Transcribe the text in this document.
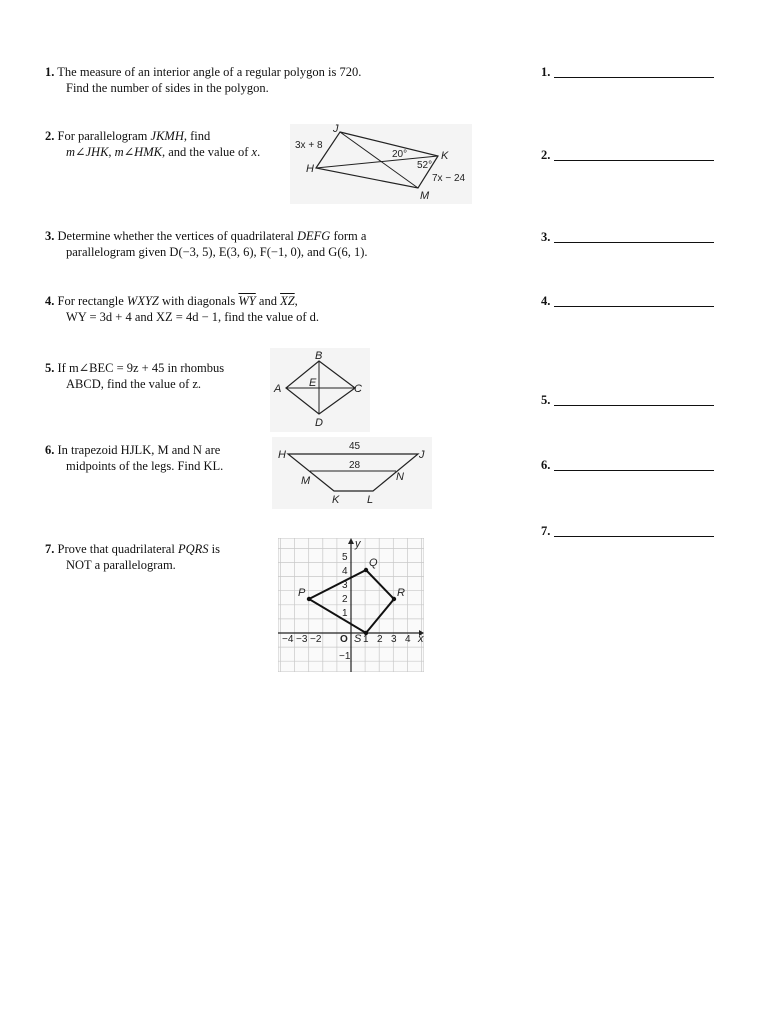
1. The measure of an interior angle of a regular polygon is 720.
Find the number of sides in the polygon.
2. For parallelogram JKMH, find
m∠JHK, m∠HMK, and the value of x.
3. Determine whether the vertices of quadrilateral DEFG form a
parallelogram given D(−3, 5), E(3, 6), F(−1, 0), and G(6, 1).
4. For rectangle WXYZ with diagonals $\overline{WY}$ and $\overline{XZ}$,
WY = 3d + 4 and XZ = 4d − 1, find the value of d.
5. If m∠BEC = 9z + 45 in rhombus
ABCD, find the value of z.
6. In trapezoid HJLK, M and N are
midpoints of the legs. Find KL.
7. Prove that quadrilateral PQRS is
NOT a parallelogram.
1.
2.
3.
4.
5.
6.
7.
J
K
H
M
3x + 8
7x − 24
20°
52°
B
A	C
D
E
H	J
M	N
K	L
45
28
P
Q
R
S
O	x
y
−4 −3 −2	1 2 3 4
5
4
3
2
1
−1
